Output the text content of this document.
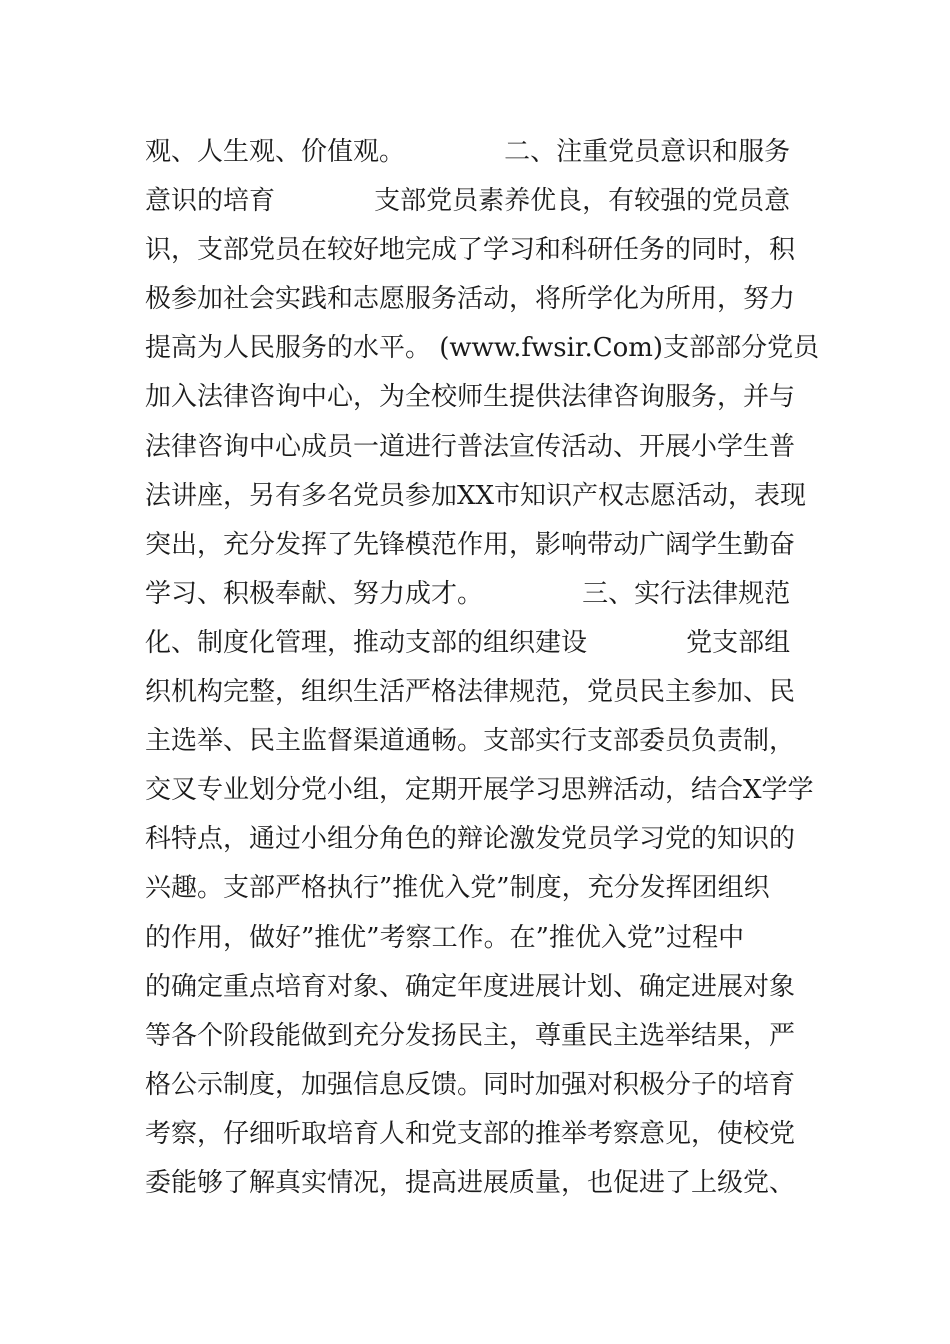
观、人生观、价值观。            二、注重党员意识和服务
意识的培育            支部党员素养优良，有较强的党员意
识，支部党员在较好地完成了学习和科研任务的同时，积
极参加社会实践和志愿服务活动，将所学化为所用，努力
提高为人民服务的水平。 (www.fwsir.Com)支部部分党员
加入法律咨询中心，为全校师生提供法律咨询服务，并与
法律咨询中心成员一道进行普法宣传活动、开展小学生普
法讲座，另有多名党员参加XX市知识产权志愿活动，表现
突出，充分发挥了先锋模范作用，影响带动广阔学生勤奋
学习、积极奉献、努力成才。            三、实行法律规范
化、制度化管理，推动支部的组织建设            党支部组
织机构完整，组织生活严格法律规范，党员民主参加、民
主选举、民主监督渠道通畅。支部实行支部委员负责制，
交叉专业划分党小组，定期开展学习思辨活动，结合X学学
科特点，通过小组分角色的辩论激发党员学习党的知识的
兴趣。支部严格执行”推优入党”制度，充分发挥团组织
的作用，做好”推优”考察工作。在”推优入党”过程中
的确定重点培育对象、确定年度进展计划、确定进展对象
等各个阶段能做到充分发扬民主，尊重民主选举结果，严
格公示制度，加强信息反馈。同时加强对积极分子的培育
考察，仔细听取培育人和党支部的推举考察意见，使校党
委能够了解真实情况，提高进展质量，也促进了上级党、
